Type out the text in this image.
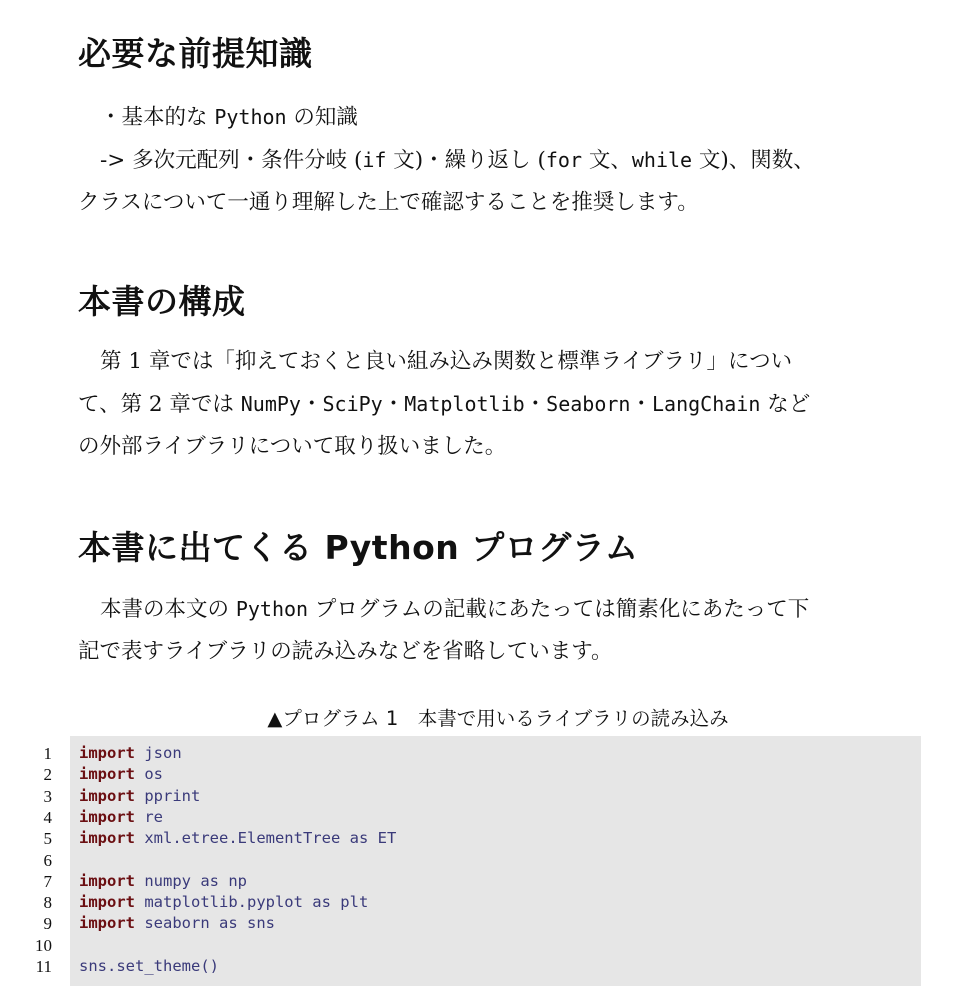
必要な前提知識

・基本的な Python の知識
-> 多次元配列・条件分岐 (if 文)・繰り返し (for 文、while 文)、関数、
クラスについて一通り理解した上で確認することを推奨します。

本書の構成

第 1 章では「抑えておくと良い組み込み関数と標準ライブラリ」につい
て、第 2 章では NumPy・SciPy・Matplotlib・Seaborn・LangChain など
の外部ライブラリについて取り扱いました。

本書に出てくる Python プログラム

本書の本文の Python プログラムの記載にあたっては簡素化にあたって下
記で表すライブラリの読み込みなどを省略しています。

▲プログラム 1　本書で用いるライブラリの読み込み
1 import json
2 import os
3 import pprint
4 import re
5 import xml.etree.ElementTree as ET
6
7 import numpy as np
8 import matplotlib.pyplot as plt
9 import seaborn as sns
10
11 sns.set_theme()
